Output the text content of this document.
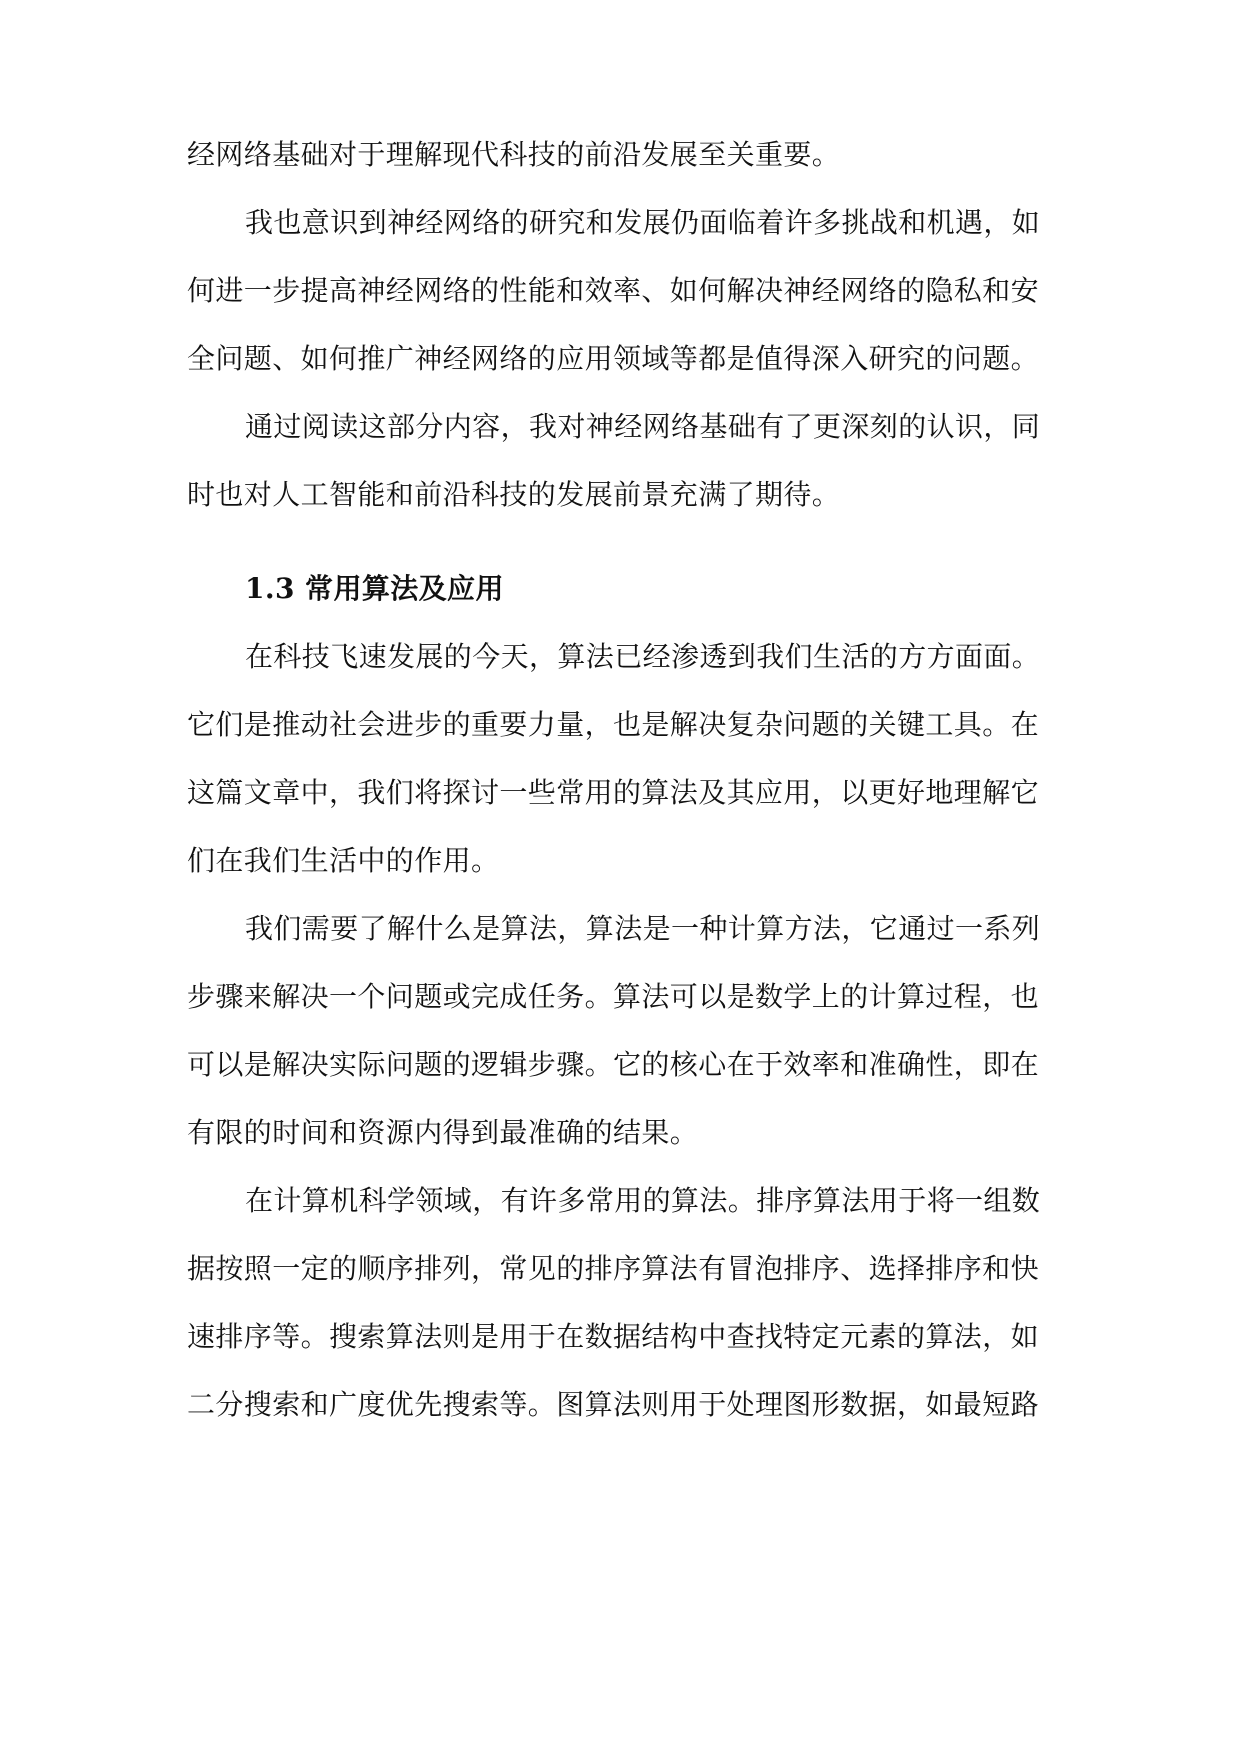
经网络基础对于理解现代科技的前沿发展至关重要。
我也意识到神经网络的研究和发展仍面临着许多挑战和机遇，如
何进一步提高神经网络的性能和效率、如何解决神经网络的隐私和安
全问题、如何推广神经网络的应用领域等都是值得深入研究的问题。
通过阅读这部分内容，我对神经网络基础有了更深刻的认识，同
时也对人工智能和前沿科技的发展前景充满了期待。
1.3 常用算法及应用
在科技飞速发展的今天，算法已经渗透到我们生活的方方面面。
它们是推动社会进步的重要力量，也是解决复杂问题的关键工具。在
这篇文章中，我们将探讨一些常用的算法及其应用，以更好地理解它
们在我们生活中的作用。
我们需要了解什么是算法，算法是一种计算方法，它通过一系列
步骤来解决一个问题或完成任务。算法可以是数学上的计算过程，也
可以是解决实际问题的逻辑步骤。它的核心在于效率和准确性，即在
有限的时间和资源内得到最准确的结果。
在计算机科学领域，有许多常用的算法。排序算法用于将一组数
据按照一定的顺序排列，常见的排序算法有冒泡排序、选择排序和快
速排序等。搜索算法则是用于在数据结构中查找特定元素的算法，如
二分搜索和广度优先搜索等。图算法则用于处理图形数据，如最短路
